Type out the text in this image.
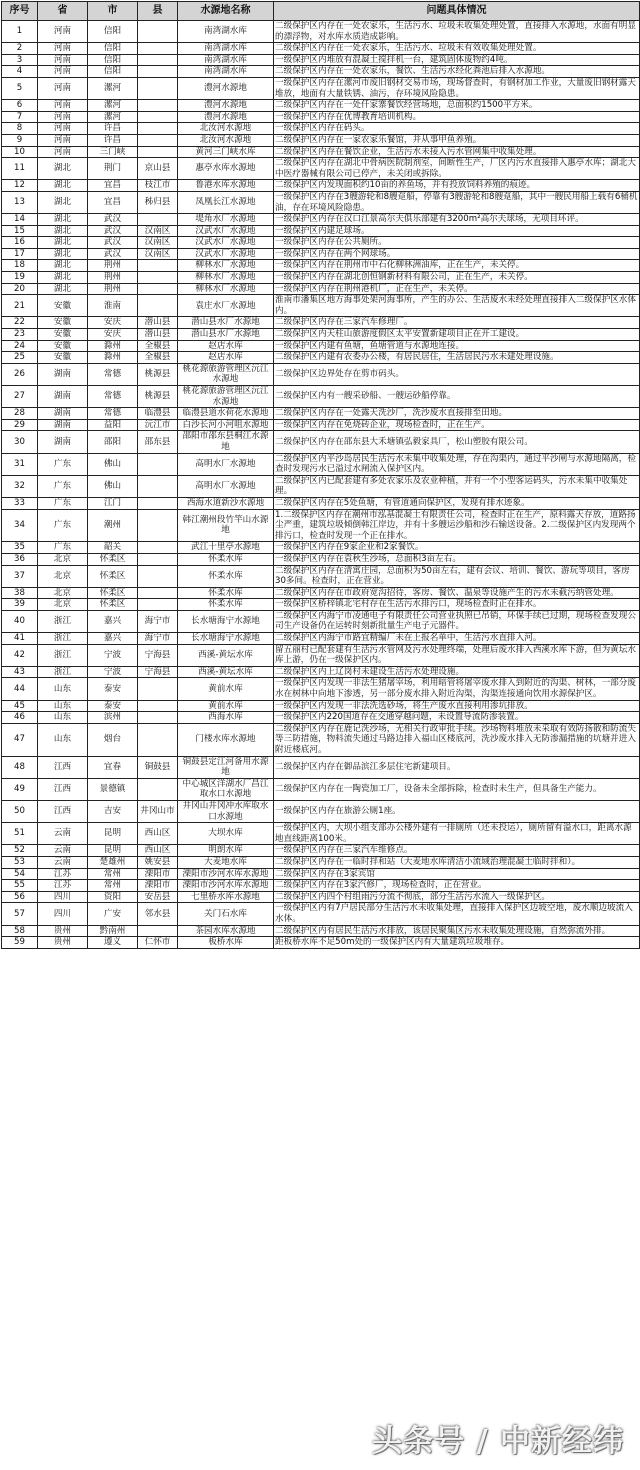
序号	省	市	县	水源地名称	问题具体情况
1	河南	信阳		南湾湖水库	二级保护区内存在一处农家乐，生活污水、垃圾未收集处理处置，直接排入水源地，水面有明显的漂浮物，对水库水质造成影响。
2	河南	信阳		南湾湖水库	二级保护区内存在一处农家乐，生活污水、垃圾未有效收集处理处置。
3	河南	信阳		南湾湖水库	一级保护区内堆放有混凝土搅拌机一台，建筑固体废物约4吨。
4	河南	信阳		南湾湖水库	二级保护区内存在一处农家乐，餐饮、生活污水经化粪池后排入水源地。
5	河南	漯河		澧河水源地	一级保护区内存在漯河市废旧钢材交易市场，现场督查时，有钢材加工作业，大量废旧钢材露天堆放，地面有大量铁锈、油污，存环境风险隐患。
6	河南	漯河		澧河水源地	二级保护区内存在一处仟家寨餐饮经营场地，总面积约1500平方米。
7	河南	漯河		澧河水源地	一级保护区内存在优博教育培训机构。
8	河南	许昌		北汝河水源地	一级保护区内存在码头。
9	河南	许昌		北汝河水源地	二级保护区内存在一家农家乐餐馆，并从事甲鱼养殖。
10	河南	三门峡		黄河三门峡水库	二级保护区内存在餐饮企业，生活污水未接入污水管网集中收集处理。
11	湖北	荆门	京山县	惠亭水库水源地	二级保护区内存在湖北中骨病医院制剂室，间断性生产，厂区内污水直接排入惠亭水库；湖北大中医疗器械有限公司已停产，未关闭或拆除。
12	湖北	宜昌	枝江市	鲁港水库水源地	二级保护区内发现面积约10亩的养鱼场，并有投放饲料养殖的痕迹。
13	湖北	宜昌	秭归县	凤凰长江水源地	一级保护区内存在3艘游轮和8艘趸船，停靠有3艘游轮和8艘趸船，其中一艘民用船上载有6桶机油，存在环境风险隐患。
14	湖北	武汉		堤角水厂水源地	一级保护区内存在汉口江景高尔夫俱乐部建有3200m²高尔夫球场，无项目环评。
15	湖北	武汉	汉南区	汉武水厂水源地	一级保护区内建足球场。
16	湖北	武汉	汉南区	汉武水厂水源地	一级保护区内存在公共厕所。
17	湖北	武汉	汉南区	汉武水厂水源地	一级保护区内存在两个网球场。
18	湖北	荆州		柳林水厂水源地	一级保护区内存在荆州市中石化柳林洲油库，正在生产，未关停。
19	湖北	荆州		柳林水厂水源地	一级保护区内存在湖北创恒钢新材料有限公司，正在生产，未关停。
20	湖北	荆州		柳林水厂水源地	一级保护区内存在荆州港机厂，正在生产，未关停。
21	安徽	淮南		袁庄水厂水源地	淮南市潘集区地方海事处架河海事所，产生的办公、生活废水未经处理直接排入二级保护区水体内。
22	安徽	安庆	潜山县	潜山县水厂水源地	二级保护区内存在三家汽车修理厂。
23	安徽	安庆	潜山县	潜山县水厂水源地	二级保护区内天柱山旅游度假区太平安置新建项目正在开工建设。
24	安徽	滁州	全椒县	赵店水库	一级保护区内建有鱼塘，鱼塘管道与水源地连接。
25	安徽	滁州	全椒县	赵店水库	二级保护区内建有农委办公楼，有居民居住，生活居民污水未建处理设施。
26	湖南	常德	桃源县	桃花源旅游管理区沅江水源地	二级保护区边界处存在剪市码头。
27	湖南	常德	桃源县	桃花源旅游管理区沅江水源地	二级保护区内有一艘采砂船、一艘运砂船停靠。
28	湖南	常德	临澧县	临澧县道水荷花水源地	二级保护区内存在一处露天洗沙厂，洗沙废水直接排至田地。
29	湖南	益阳	沅江市	白沙长河小河咀水源地	一级保护区内存在免烧砖企业，现场检查时，正在生产。
30	湖南	邵阳	邵东县	邵阳市邵东县桐江水源地	二级保护区内存在邵东县大禾塘镇弘毅家具厂，松山塑胶有限公司。
31	广东	佛山		高明水厂水源地	二级保护区内平沙岛居民生活污水未集中收集处理，存在沟渠内，通过平沙闸与水源地隔离，检查时发现污水已溢过水闸流入保护区内。
32	广东	佛山		高明水厂水源地	二级保护区内已配套建有多处农家乐及农业种植，并有一个小型客运码头，污水未集中收集处理。
33	广东	江门		西海水道新沙水源地	二级保护区内存在5处鱼塘，有管道通向保护区，发现有排水迹象。
34	广东	潮州		韩江潮州段竹竿山水源地	1.二级保护区内存在潮州市泓基混凝土有限责任公司，检查时正在生产，原料露天存放，道路扬尘严重，建筑垃圾倾倒韩江岸边，并有十多艘运沙船和沙石输送设备。2.二级保护区内发现两个排污口，检查时发现一个正在排水。
35	广东	韶关		武江十里亭水源地	一级保护区内存在9家企业和2家餐饮。
36	北京	怀柔区		怀柔水库	一级保护区内存在袁秋生沙场，总面积3亩左右。
37	北京	怀柔区		怀柔水库	二级保护区内存在清寓庄园，总面积为50亩左右，建有会议、培训、餐饮、游玩等项目，客房30多间。检查时，正在营业。
38	北京	怀柔区		怀柔水库	二级保护区内存在市政府宽沟招待，客房、餐饮、温泉等设施产生的污水未截污纳管处理。
39	北京	怀柔区		怀柔水库	一级保护区桥梓镇北宅村存在生活污水排污口，现场检查时正在排水。
40	浙江	嘉兴	海宁市	长水塘海宁水源地	二级保护区内海宁市凌通电子有限责任公司营业执照已吊销，环保手续已过期，现场检查发现公司生产设备仍在运转时刻新批量生产电子元器件。
41	浙江	嘉兴	海宁市	长水塘海宁水源地	二级保护区内海宁市路宜精编厂未在上报名单中，生活污水直排入河。
42	浙江	宁波	宁海县	西溪-黄坛水库	留五丽村已配套建有生活污水管网及污水处理终端，处理后废水排入西溪水库下游，但为黄坛水库上游，仍在一级保护区内。
43	浙江	宁波	宁海县	西溪-黄坛水库	二级保护区内上辽岗村未建设生活污水处理设施。
44	山东	泰安		黄前水库	一级保护区内发现一非法生猪屠宰场，利用暗管将屠宰废水排入到附近的沟渠、树林，一部分废水在树林中向地下渗透，另一部分废水排入附近沟渠，沟渠连接通向饮用水源保护区。
45	山东	泰安		黄前水库	一级保护区内发现一非法洗选砂场，将生产废水直接利用渗坑排放。
46	山东	滨州		西海水库	一级保护区内220国道存在交通穿越问题，未设置导流防渗装置。
47	山东	烟台		门楼水库水源地	二级保护区内存在鹿记洗沙场，无相关行政审批手续。沙场物料堆放未采取有效防扬散和防流失等三防措施，物料流失通过马路边排入福山区楼底河，洗沙废水排入无防渗漏措施的坑塘并进入附近楼底河。
48	江西	宜春	铜鼓县	铜鼓县定江河备用水源地	二级保护区内存在御品滨江多层住宅新建项目。
49	江西	景德镇		中心城区洋湖水厂昌江取水口水源地	二级保护区内存在一陶瓷加工厂，设备未全部拆除，检查时未生产，但具备生产能力。
50	江西	吉安	井冈山市	井冈山井冈冲水库取水口水源地	一级保护区内存在旅游公厕1座。
51	云南	昆明	西山区	大坝水库	一级保护区内，大坝小组支部办公楼外建有一排厕所（还未投运），厕所留有溢水口，距离水源地直线距离100米。
52	云南	昆明	西山区	明朗水库	一级保护区内存在三家汽车维修点。
53	云南	楚雄州	姚安县	大麦地水库	二级保护区内存在一临时拌和站（大麦地水库清洁小流域治理混凝土临时拌和）。
54	江苏	常州	溧阳市	溧阳市沙河水库水源地	二级保护区内存在3家宾馆
55	江苏	常州	溧阳市	溧阳市沙河水库水源地	二级保护区内存在3家汽修厂，现场检查时，正在营业。
56	四川	资阳	安岳县	七里桥水库水源地	二级保护区内四个村组雨污分流不彻底，部分生活污水流入一级保护区。
57	四川	广安	邻水县	关门石水库	一级保护区内有7户居民部分生活污水未收集处理，直接排入保护区边坡空地，废水顺边坡流入水体。
58	贵州	黔南州		茶园水库水源地	二级保护区内有居民生活污水排放，该居民聚集区污水未收集处理设施，自然弥流外排。
59	贵州	遵义	仁怀市	板桥水库	距板桥水库不足50m处的一级保护区内有大量建筑垃圾堆存。
头条号 / 中新经纬
